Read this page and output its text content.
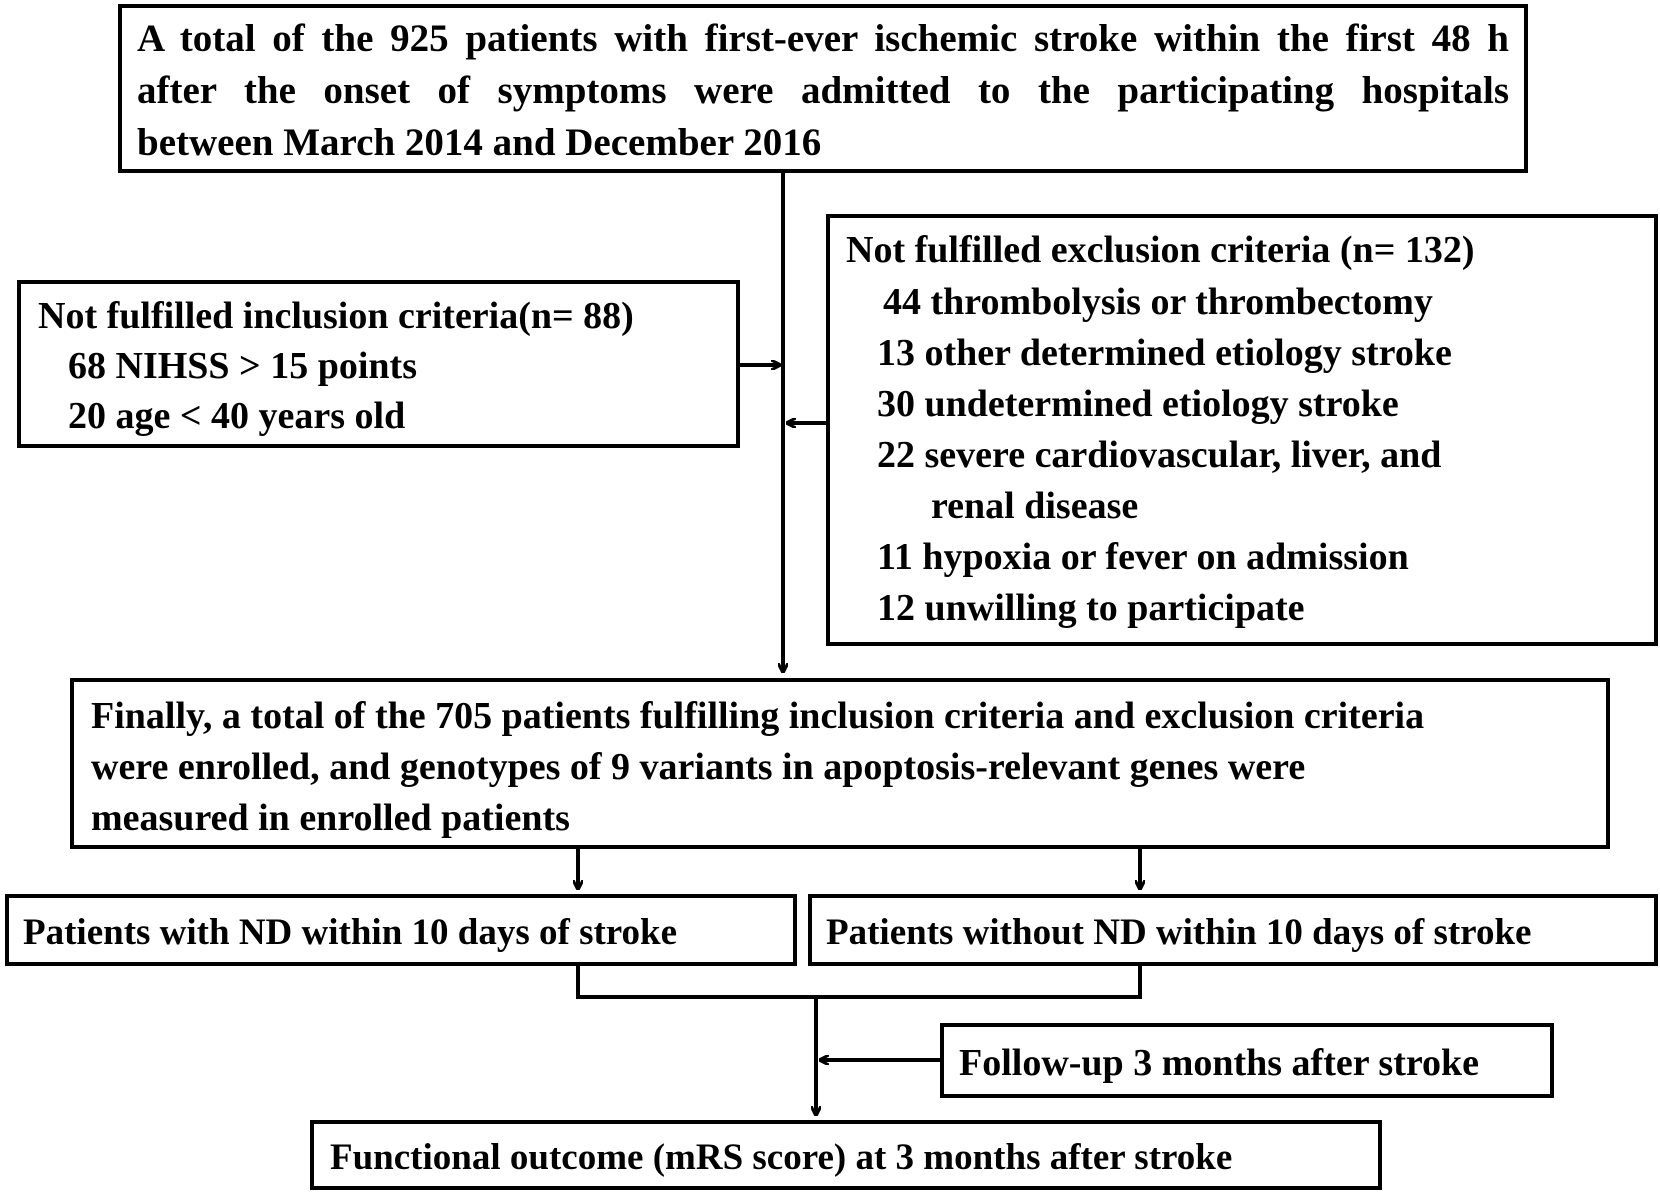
A total of the 925 patients with first-ever ischemic stroke within the first 48 h

after the onset of symptoms were admitted to the participating hospitals

between March 2014 and December 2016

Not fulfilled inclusion criteria(n= 88)

68 NIHSS > 15 points

20 age < 40 years old

Not fulfilled exclusion criteria (n= 132)

44 thrombolysis or thrombectomy

13 other determined etiology stroke

30 undetermined etiology stroke

22 severe cardiovascular, liver, and

renal disease

11 hypoxia or fever on admission

12 unwilling to participate

Finally, a total of the 705 patients fulfilling inclusion criteria and exclusion criteria

were enrolled, and genotypes of 9 variants in apoptosis-relevant genes were

measured in enrolled patients

Patients with ND within 10 days of stroke	Patients without ND within 10 days of stroke

Follow-up 3 months after stroke

Functional outcome (mRS score) at 3 months after stroke
